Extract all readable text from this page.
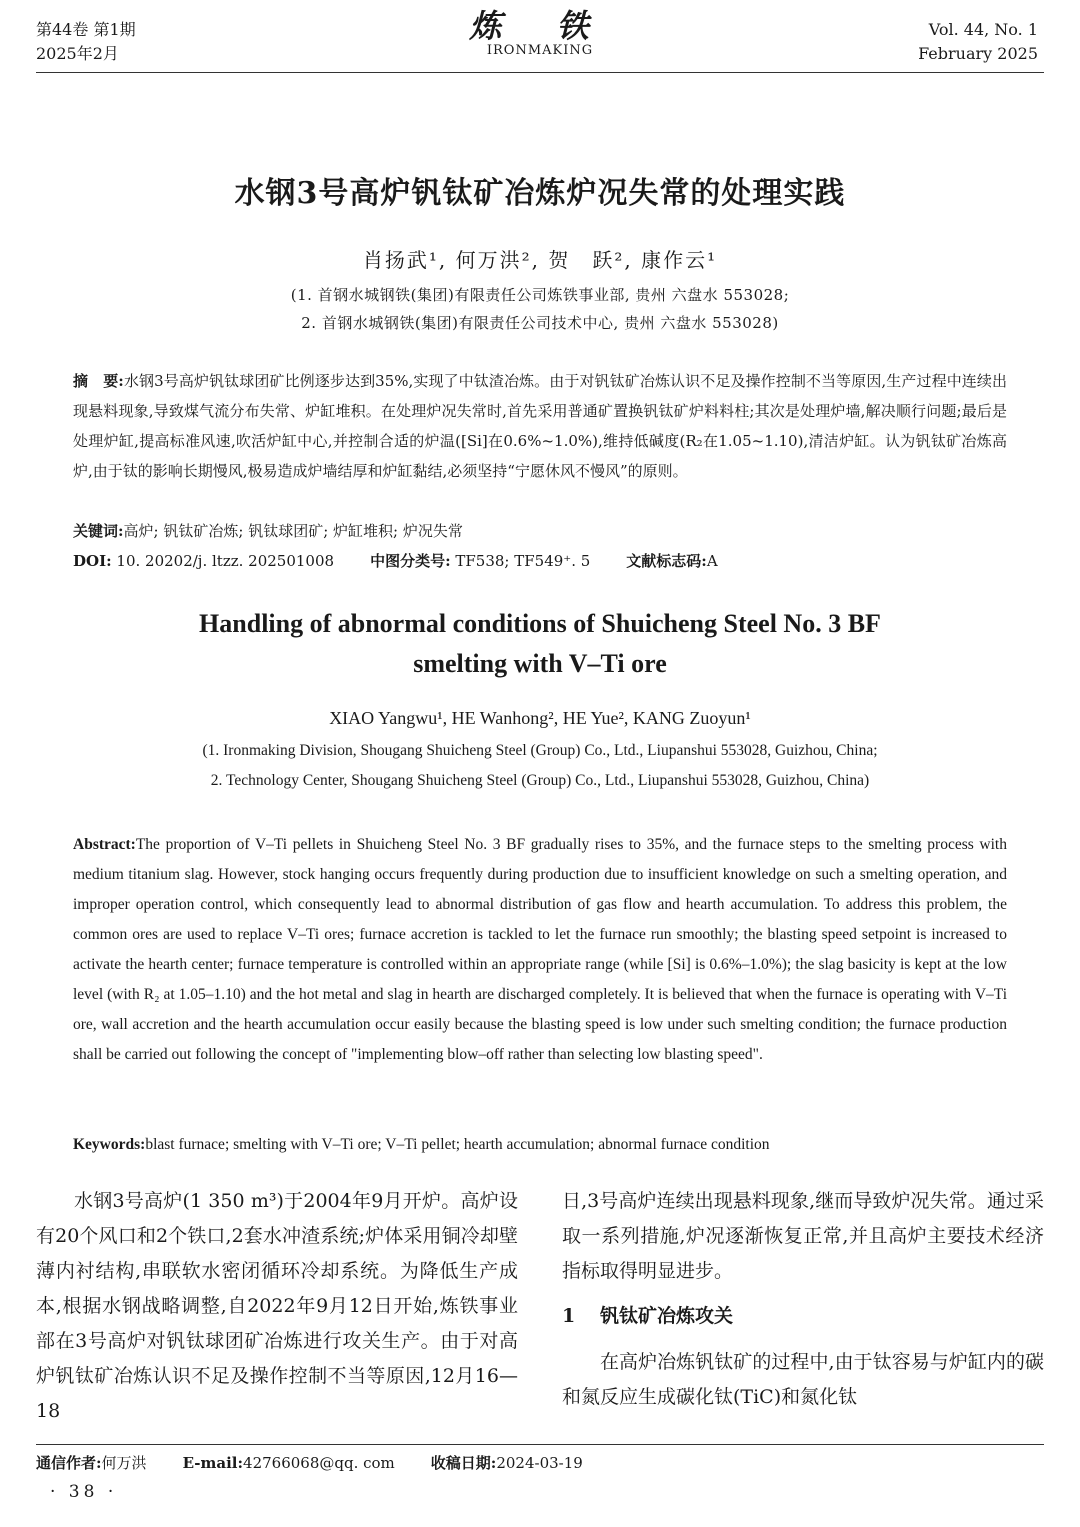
第44卷 第1期
2025年2月
炼 铁
IRONMAKING
Vol. 44, No. 1
February 2025
水钢3号高炉钒钛矿冶炼炉况失常的处理实践
肖扬武¹, 何万洪², 贺　跃², 康作云¹
(1. 首钢水城钢铁(集团)有限责任公司炼铁事业部, 贵州 六盘水 553028;
2. 首钢水城钢铁(集团)有限责任公司技术中心, 贵州 六盘水 553028)
摘　要:水钢3号高炉钒钛球团矿比例逐步达到35%,实现了中钛渣冶炼。由于对钒钛矿冶炼认识不足及操作控制不当等原因,生产过程中连续出现悬料现象,导致煤气流分布失常、炉缸堆积。在处理炉况失常时,首先采用普通矿置换钒钛矿炉料料柱;其次是处理炉墙,解决顺行问题;最后是处理炉缸,提高标准风速,吹活炉缸中心,并控制合适的炉温([Si]在0.6%~1.0%),维持低碱度(R₂在1.05~1.10),清洁炉缸。认为钒钛矿冶炼高炉,由于钛的影响长期慢风,极易造成炉墙结厚和炉缸黏结,必须坚持“宁愿休风不慢风”的原则。
关键词:高炉; 钒钛矿冶炼; 钒钛球团矿; 炉缸堆积; 炉况失常
DOI: 10. 20202/j. ltzz. 202501008 中图分类号: TF538; TF549⁺. 5 文献标志码:A
Handling of abnormal conditions of Shuicheng Steel No. 3 BF
smelting with V–Ti ore
XIAO Yangwu¹, HE Wanhong², HE Yue², KANG Zuoyun¹
(1. Ironmaking Division, Shougang Shuicheng Steel (Group) Co., Ltd., Liupanshui 553028, Guizhou, China;
2. Technology Center, Shougang Shuicheng Steel (Group) Co., Ltd., Liupanshui 553028, Guizhou, China)
Abstract:The proportion of V–Ti pellets in Shuicheng Steel No. 3 BF gradually rises to 35%, and the furnace steps to the smelting process with medium titanium slag. However, stock hanging occurs frequently during production due to insufficient knowledge on such a smelting operation, and improper operation control, which consequently lead to abnormal distribution of gas flow and hearth accumulation. To address this problem, the common ores are used to replace V–Ti ores; furnace accretion is tackled to let the furnace run smoothly; the blasting speed setpoint is increased to activate the hearth center; furnace temperature is controlled within an appropriate range (while [Si] is 0.6%–1.0%); the slag basicity is kept at the low level (with R₂ at 1.05–1.10) and the hot metal and slag in hearth are discharged completely. It is believed that when the furnace is operating with V–Ti ore, wall accretion and the hearth accumulation occur easily because the blasting speed is low under such smelting condition; the furnace production shall be carried out following the concept of "implementing blow–off rather than selecting low blasting speed".
Keywords:blast furnace; smelting with V–Ti ore; V–Ti pellet; hearth accumulation; abnormal furnace condition

水钢3号高炉(1 350 m³)于2004年9月开炉。高炉设有20个风口和2个铁口,2套水冲渣系统;炉体采用铜冷却壁薄内衬结构,串联软水密闭循环冷却系统。为降低生产成本,根据水钢战略调整,自2022年9月12日开始,炼铁事业部在3号高炉对钒钛球团矿冶炼进行攻关生产。由于对高炉钒钛矿冶炼认识不足及操作控制不当等原因,12月16—18

日,3号高炉连续出现悬料现象,继而导致炉况失常。通过采取一系列措施,炉况逐渐恢复正常,并且高炉主要技术经济指标取得明显进步。

1 钒钛矿冶炼攻关

在高炉冶炼钒钛矿的过程中,由于钛容易与炉缸内的碳和氮反应生成碳化钛(TiC)和氮化钛

通信作者:何万洪 E-mail:42766068@qq. com 收稿日期:2024-03-19
· 38 ·
